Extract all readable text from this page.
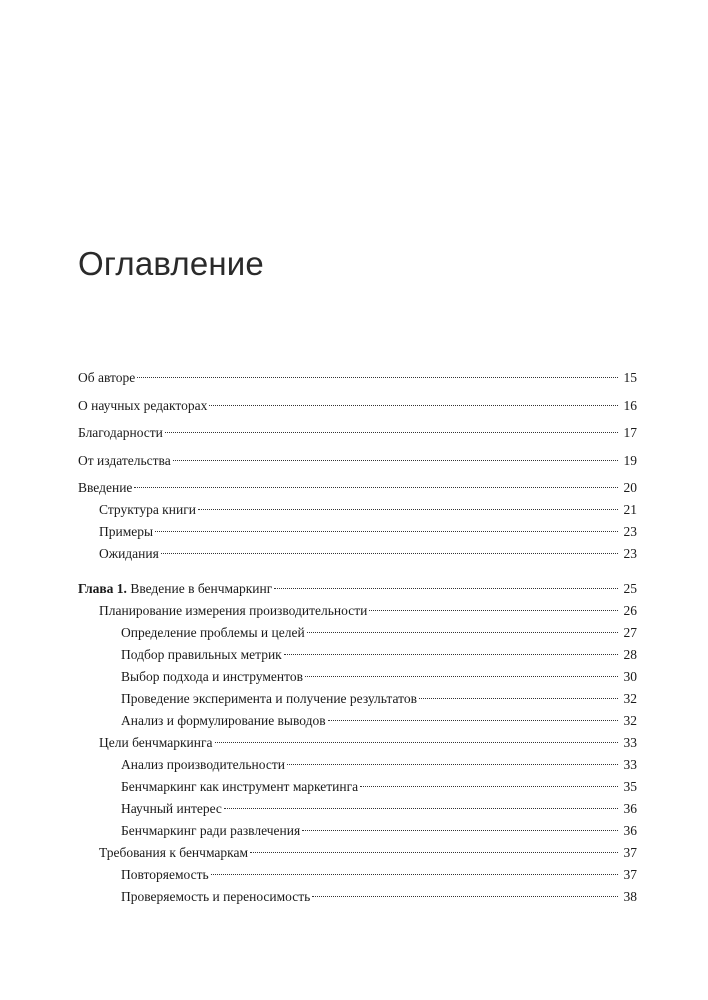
Оглавление
Об авторе	15
О научных редакторах	16
Благодарности	17
От издательства	19
Введение	20
Структура книги	21
Примеры	23
Ожидания	23
Глава 1. Введение в бенчмаркинг	25
Планирование измерения производительности	26
Определение проблемы и целей	27
Подбор правильных метрик	28
Выбор подхода и инструментов	30
Проведение эксперимента и получение результатов	32
Анализ и формулирование выводов	32
Цели бенчмаркинга	33
Анализ производительности	33
Бенчмаркинг как инструмент маркетинга	35
Научный интерес	36
Бенчмаркинг ради развлечения	36
Требования к бенчмаркам	37
Повторяемость	37
Проверяемость и переносимость	38
